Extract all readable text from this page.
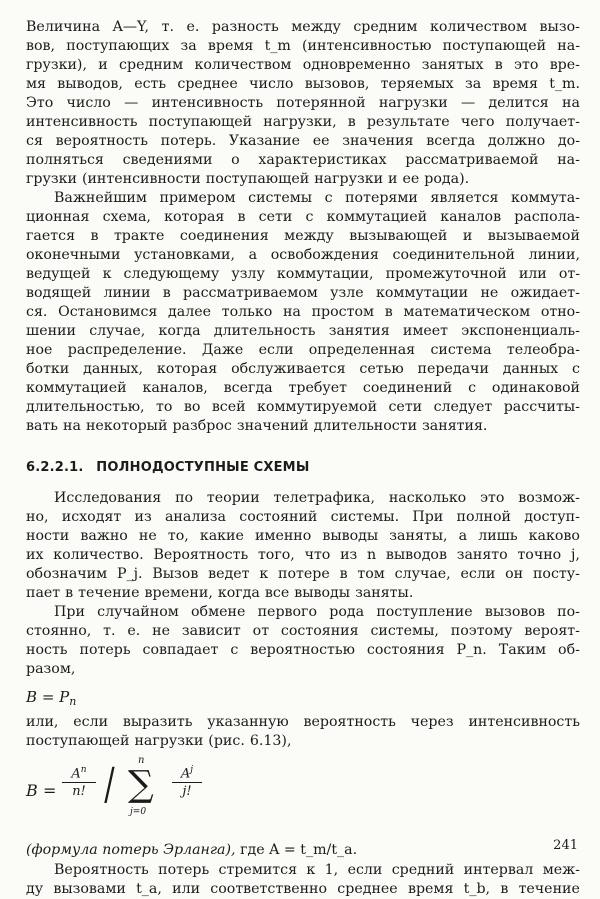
Величина A—Y, т. е. разность между средним количеством вызо-
вов, поступающих за время t_m (интенсивностью поступающей на-
грузки), и средним количеством одновременно занятых в это вре-
мя выводов, есть среднее число вызовов, теряемых за время t_m.
Это число — интенсивность потерянной нагрузки — делится на
интенсивность поступающей нагрузки, в результате чего получает-
ся вероятность потерь. Указание ее значения всегда должно до-
полняться сведениями о характеристиках рассматриваемой на-
грузки (интенсивности поступающей нагрузки и ее рода).
Важнейшим примером системы с потерями является коммута-
ционная схема, которая в сети с коммутацией каналов распола-
гается в тракте соединения между вызывающей и вызываемой
оконечными установками, а освобождения соединительной линии,
ведущей к следующему узлу коммутации, промежуточной или от-
водящей линии в рассматриваемом узле коммутации не ожидает-
ся. Остановимся далее только на простом в математическом отно-
шении случае, когда длительность занятия имеет экспоненциаль-
ное распределение. Даже если определенная система телеобра-
ботки данных, которая обслуживается сетью передачи данных с
коммутацией каналов, всегда требует соединений с одинаковой
длительностью, то во всей коммутируемой сети следует рассчиты-
вать на некоторый разброс значений длительности занятия.
6.2.2.1. ПОЛНОДОСТУПНЫЕ СХЕМЫ
Исследования по теории телетрафика, насколько это возмож-
но, исходят из анализа состояний системы. При полной доступ-
ности важно не то, какие именно выводы заняты, а лишь каково
их количество. Вероятность того, что из n выводов занято точно j,
обозначим P_j. Вызов ведет к потере в том случае, если он посту-
пает в течение времени, когда все выводы заняты.
При случайном обмене первого рода поступление вызовов по-
стоянно, т. е. не зависит от состояния системы, поэтому вероят-
ность потерь совпадает с вероятностью состояния P_n. Таким об-
разом,
$B = P_n$
или, если выразить указанную вероятность через интенсивность
поступающей нагрузки (рис. 6.13),
B =
$A^n$
n! / n
∑
j=0
$A^j$
j!
(формула потерь Эрланга), где A = t_m/t_a.
Вероятность потерь стремится к 1, если средний интервал меж-
ду вызовами t_a, или соответственно среднее время t_b, в течение
241
